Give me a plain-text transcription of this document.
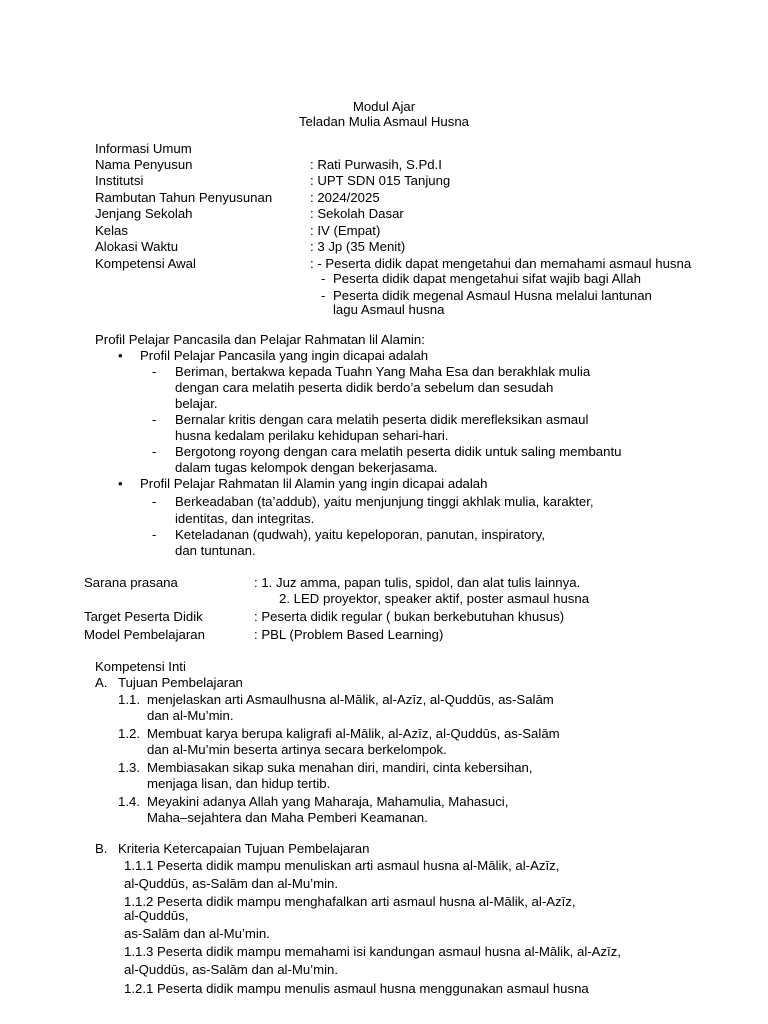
Modul Ajar
Teladan Mulia Asmaul Husna
Informasi Umum
Nama Penyusun	: Rati Purwasih, S.Pd.I
Institutsi	: UPT SDN 015 Tanjung
Rambutan Tahun Penyusunan	: 2024/2025
Jenjang Sekolah	: Sekolah Dasar
Kelas	: IV (Empat)
Alokasi Waktu	: 3 Jp (35 Menit)
Kompetensi Awal	: - Peserta didik dapat mengetahui dan memahami asmaul husna
- Peserta didik dapat mengetahui sifat wajib bagi Allah
- Peserta didik megenal Asmaul Husna melalui lantunan
lagu Asmaul husna
Profil Pelajar Pancasila dan Pelajar Rahmatan lil Alamin:
• Profil Pelajar Pancasila yang ingin dicapai adalah
- Beriman, bertakwa kepada Tuahn Yang Maha Esa dan berakhlak mulia
dengan cara melatih peserta didik berdo’a sebelum dan sesudah
belajar.
- Bernalar kritis dengan cara melatih peserta didik merefleksikan asmaul
husna kedalam perilaku kehidupan sehari-hari.
- Bergotong royong dengan cara melatih peserta didik untuk saling membantu
dalam tugas kelompok dengan bekerjasama.
• Profil Pelajar Rahmatan lil Alamin yang ingin dicapai adalah
- Berkeadaban (ta’addub), yaitu menjunjung tinggi akhlak mulia, karakter,
identitas, dan integritas.
- Keteladanan (qudwah), yaitu kepeloporan, panutan, inspiratory,
dan tuntunan.
Sarana prasana	: 1. Juz amma, papan tulis, spidol, dan alat tulis lainnya.
2. LED proyektor, speaker aktif, poster asmaul husna
Target Peserta Didik	: Peserta didik regular ( bukan berkebutuhan khusus)
Model Pembelajaran	: PBL (Problem Based Learning)
Kompetensi Inti
A. Tujuan Pembelajaran
1.1. menjelaskan arti Asmaulhusna al-Mālik, al-Azīz, al-Quddūs, as-Salām
dan al-Mu’min.
1.2. Membuat karya berupa kaligrafi al-Mālik, al-Azīz, al-Quddūs, as-Salām
dan al-Mu’min beserta artinya secara berkelompok.
1.3. Membiasakan sikap suka menahan diri, mandiri, cinta kebersihan,
menjaga lisan, dan hidup tertib.
1.4. Meyakini adanya Allah yang Maharaja, Mahamulia, Mahasuci,
Maha–sejahtera dan Maha Pemberi Keamanan.
B. Kriteria Ketercapaian Tujuan Pembelajaran
1.1.1 Peserta didik mampu menuliskan arti asmaul husna al-Mālik, al-Azīz,
al-Quddūs, as-Salām dan al-Mu’min.
1.1.2 Peserta didik mampu menghafalkan arti asmaul husna al-Mālik, al-Azīz,
al-Quddūs,
as-Salām dan al-Mu’min.
1.1.3 Peserta didik mampu memahami isi kandungan asmaul husna al-Mālik, al-Azīz,
al-Quddūs, as-Salām dan al-Mu’min.
1.2.1 Peserta didik mampu menulis asmaul husna menggunakan asmaul husna
